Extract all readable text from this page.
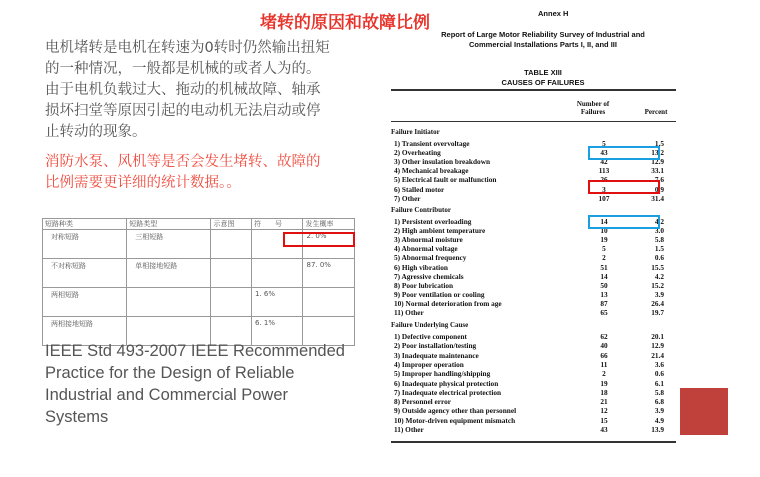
堵转的原因和故障比例
电机堵转是电机在转速为0转时仍然输出扭矩的一种情况，一般都是机械的或者人为的。由于电机负载过大、拖动的机械故障、轴承损坏扫堂等原因引起的电动机无法启动或停止转动的现象。
消防水泵、风机等是否会发生堵转、故障的比例需要更详细的统计数据。。
短路种类	短路类型	示意图	符　　号	发生概率
对称短路	三相短路			2. 0%
不对称短路	单相接地短路			87. 0%
两相短路			1. 6%	
两相接地短路			6. 1%	
IEEE Std 493-2007 IEEE Recommended Practice for the Design of Reliable Industrial and Commercial Power Systems
Annex H
Report of Large Motor Reliability Survey of Industrial and Commercial Installations Parts I, II, and III
TABLE XIII
CAUSES OF FAILURES
Number of Failures	Percent
Failure Initiator
1) Transient overvoltage	5	1.5
2) Overheating	43	13.2
3) Other insulation breakdown	42	12.9
4) Mechanical breakage	113	33.1
5) Electrical fault or malfunction	26	7.6
6) Stalled motor	3	0.9
7) Other	107	31.4
Failure Contributor
1) Persistent overloading	14	4.2
2) High ambient temperature	10	3.0
3) Abnormal moisture	19	5.8
4) Abnormal voltage	5	1.5
5) Abnormal frequency	2	0.6
6) High vibration	51	15.5
7) Agressive chemicals	14	4.2
8) Poor lubrication	50	15.2
9) Poor ventilation or cooling	13	3.9
10) Normal deterioration from age	87	26.4
11) Other	65	19.7
Failure Underlying Cause
1) Defective component	62	20.1
2) Poor installation/testing	40	12.9
3) Inadequate maintenance	66	21.4
4) Improper operation	11	3.6
5) Improper handling/shipping	2	0.6
6) Inadequate physical protection	19	6.1
7) Inadequate electrical protection	18	5.8
8) Personnel error	21	6.8
9) Outside agency other than personnel	12	3.9
10) Motor-driven equipment mismatch	15	4.9
11) Other	43	13.9
